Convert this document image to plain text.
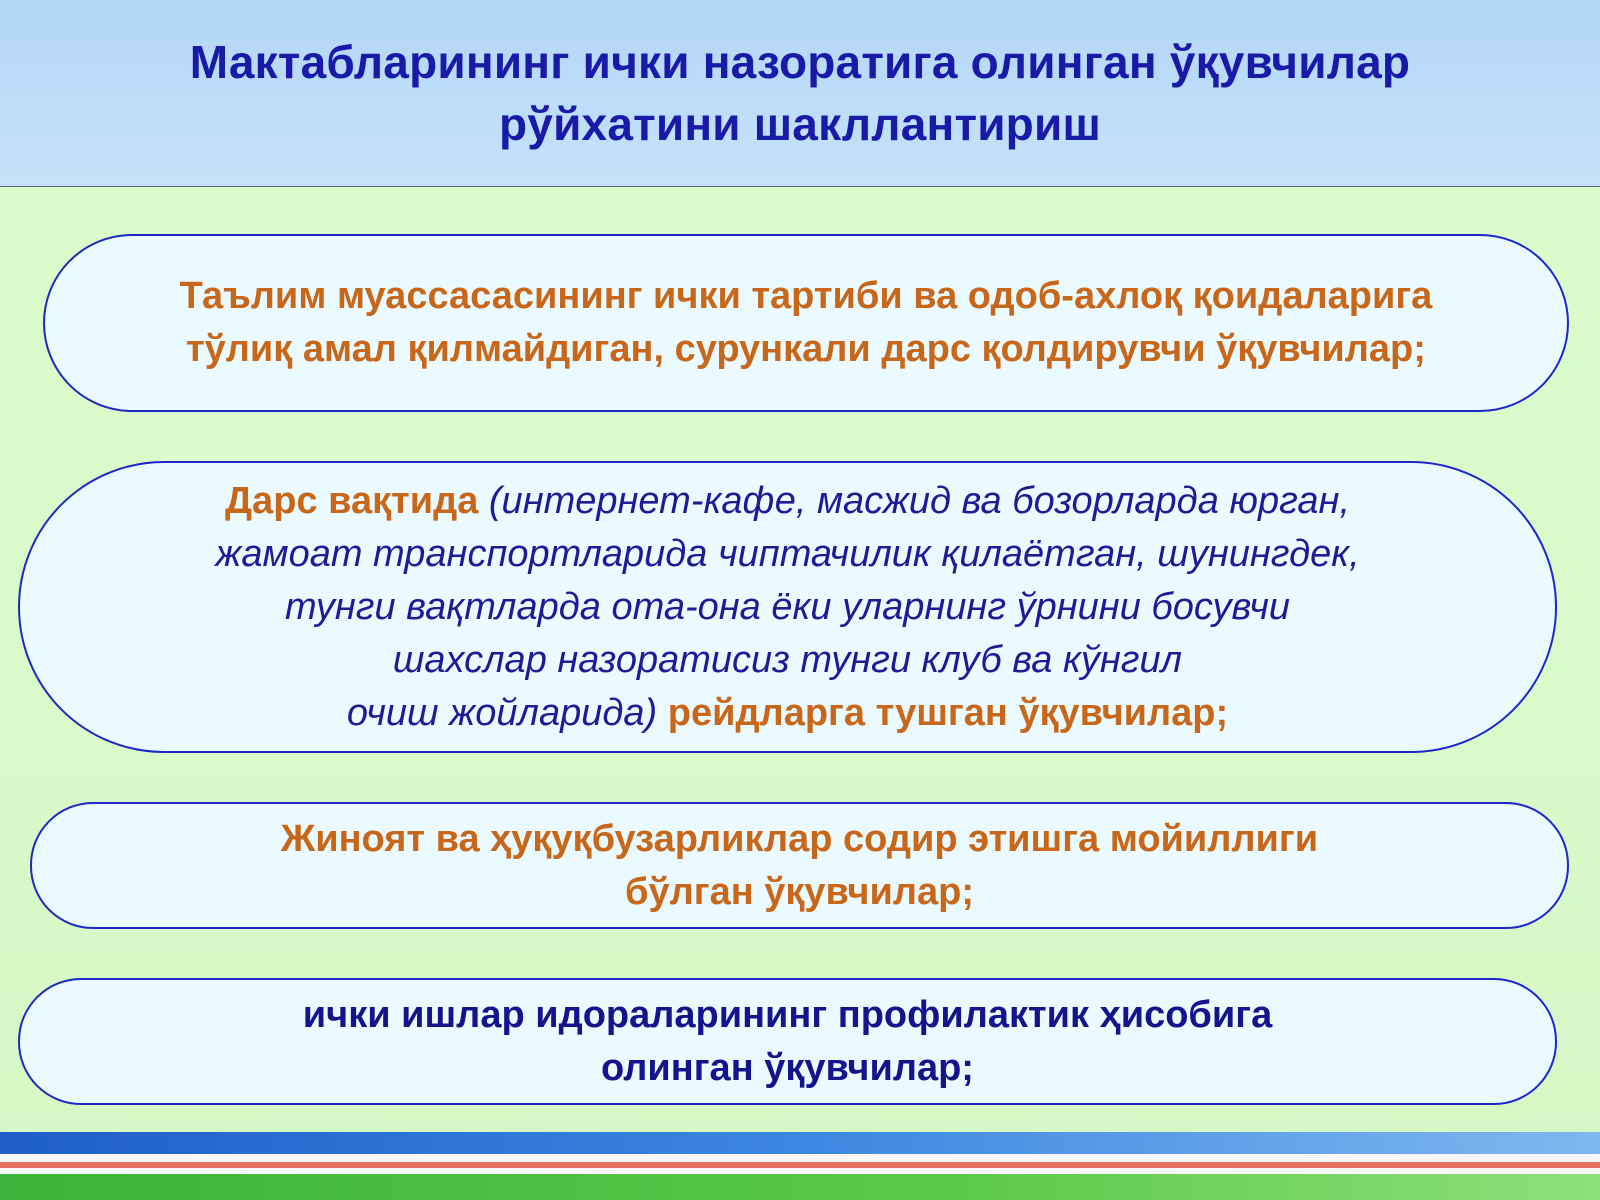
Мактабларининг ички назоратига олинган ўқувчилар
рўйхатини шакллантириш
Таълим муассасасининг ички тартиби ва одоб-ахлоқ қоидаларига
тўлиқ амал қилмайдиган, сурункали дарс қолдирувчи ўқувчилар;
Дарс вақтида (интернет-кафе, масжид ва бозорларда юрган,
жамоат транспортларида чиптачилик қилаётган, шунингдек,
тунги вақтларда ота-она ёки уларнинг ўрнини босувчи
шахслар назоратисиз тунги клуб ва кўнгил
очиш жойларида) рейдларга тушган ўқувчилар;
Жиноят ва ҳуқуқбузарликлар содир этишга мойиллиги
бўлган ўқувчилар;
ички ишлар идораларининг профилактик ҳисобига
олинган ўқувчилар;
